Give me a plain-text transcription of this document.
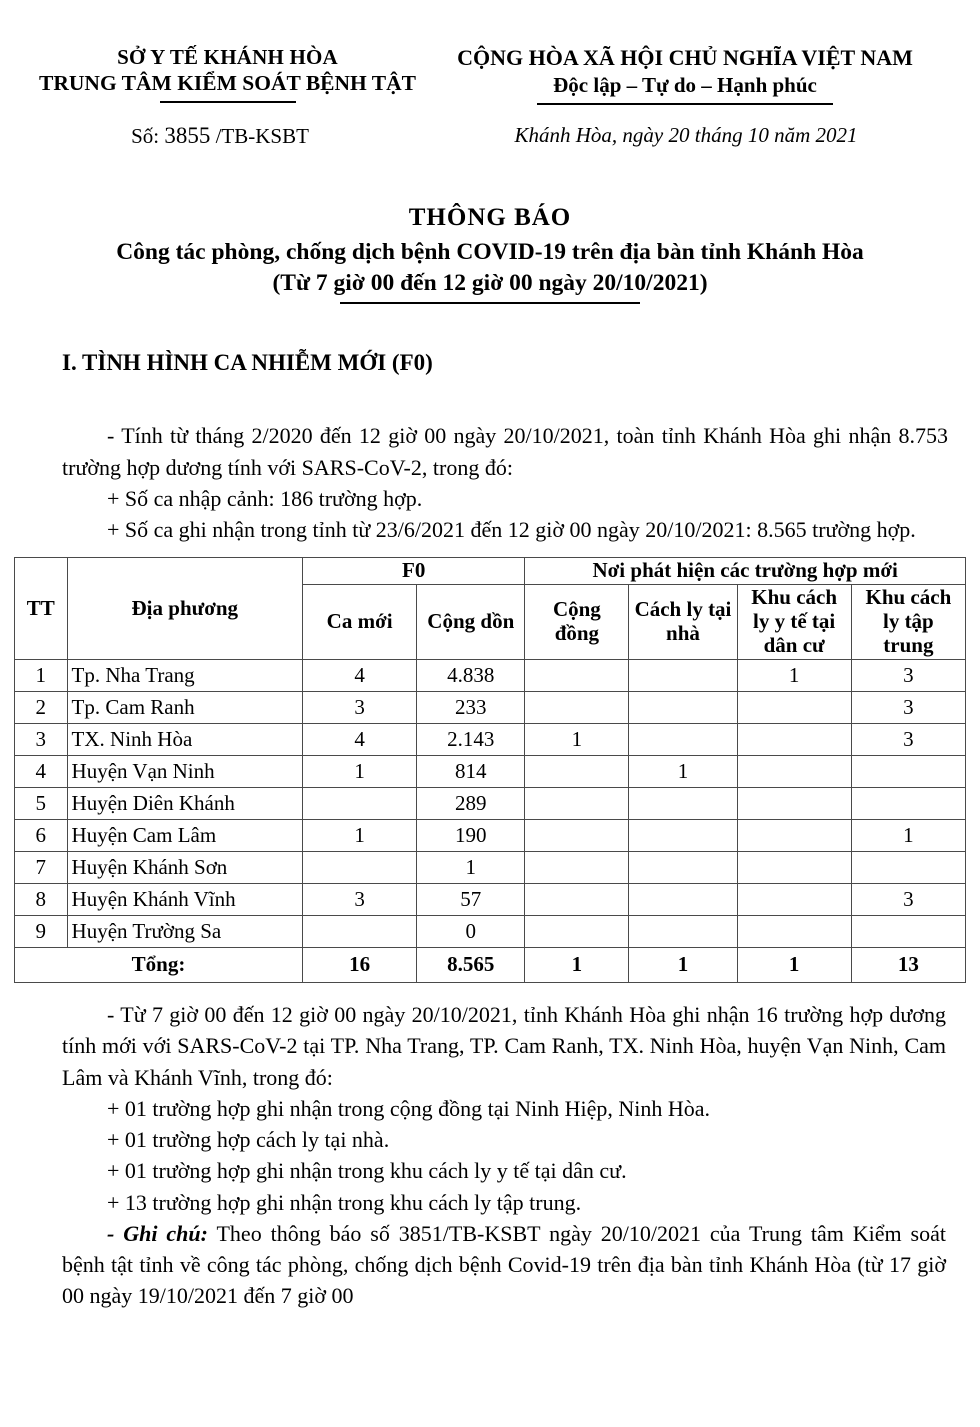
SỞ Y TẾ KHÁNH HÒA
TRUNG TÂM KIỂM SOÁT BỆNH TẬT
CỘNG HÒA XÃ HỘI CHỦ NGHĨA VIỆT NAM
Độc lập – Tự do – Hạnh phúc
Số: 3855 /TB-KSBT	Khánh Hòa, ngày 20 tháng 10 năm 2021
THÔNG BÁO
Công tác phòng, chống dịch bệnh COVID-19 trên địa bàn tỉnh Khánh Hòa
(Từ 7 giờ 00 đến 12 giờ 00 ngày 20/10/2021)
I. TÌNH HÌNH CA NHIỄM MỚI (F0)

- Tính từ tháng 2/2020 đến 12 giờ 00 ngày 20/10/2021, toàn tỉnh Khánh Hòa ghi nhận 8.753 trường hợp dương tính với SARS-CoV-2, trong đó:

+ Số ca nhập cảnh: 186 trường hợp.

+ Số ca ghi nhận trong tỉnh từ 23/6/2021 đến 12 giờ 00 ngày 20/10/2021: 8.565 trường hợp.

TT	Địa phương	F0		Nơi phát hiện các trường hợp mới			
		Ca mới	Cộng dồn	Cộng đồng	Cách ly tại nhà	Khu cách ly y tế tại dân cư	Khu cách ly tập trung

1	Tp. Nha Trang	4	4.838			1	3
2	Tp. Cam Ranh	3	233				3
3	TX. Ninh Hòa	4	2.143	1			3
4	Huyện Vạn Ninh	1	814		1		
5	Huyện Diên Khánh		289				
6	Huyện Cam Lâm	1	190				1
7	Huyện Khánh Sơn		1				
8	Huyện Khánh Vĩnh	3	57				3
9	Huyện Trường Sa		0				
Tổng:		16	8.565	1	1	1	13

- Từ 7 giờ 00 đến 12 giờ 00 ngày 20/10/2021, tỉnh Khánh Hòa ghi nhận 16 trường hợp dương tính mới với SARS-CoV-2 tại TP. Nha Trang, TP. Cam Ranh, TX. Ninh Hòa, huyện Vạn Ninh, Cam Lâm và Khánh Vĩnh, trong đó:

+ 01 trường hợp ghi nhận trong cộng đồng tại Ninh Hiệp, Ninh Hòa.

+ 01 trường hợp cách ly tại nhà.

+ 01 trường hợp ghi nhận trong khu cách ly y tế tại dân cư.

+ 13 trường hợp ghi nhận trong khu cách ly tập trung.

- Ghi chú: Theo thông báo số 3851/TB-KSBT ngày 20/10/2021 của Trung tâm Kiểm soát bệnh tật tỉnh về công tác phòng, chống dịch bệnh Covid-19 trên địa bàn tỉnh Khánh Hòa (từ 17 giờ 00 ngày 19/10/2021 đến 7 giờ 00
